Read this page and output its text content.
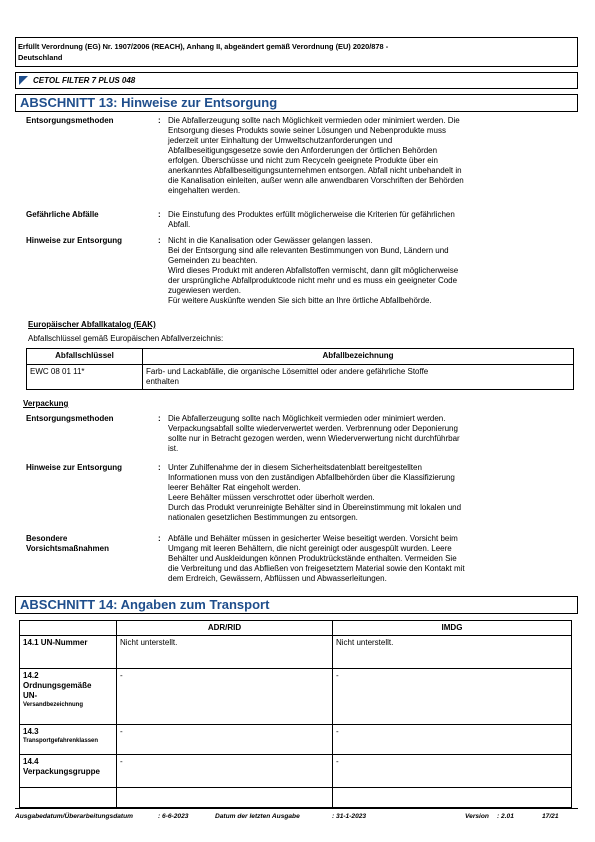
Erfüllt Verordnung (EG) Nr. 1907/2006 (REACH), Anhang II, abgeändert gemäß Verordnung (EU) 2020/878 -
Deutschland
CETOL FILTER 7 PLUS 048
ABSCHNITT 13: Hinweise zur Entsorgung
Entsorgungsmethoden	: Die Abfallerzeugung sollte nach Möglichkeit vermieden oder minimiert werden. Die
Entsorgung dieses Produkts sowie seiner Lösungen und Nebenprodukte muss
jederzeit unter Einhaltung der Umweltschutzanforderungen und
Abfallbeseitigungsgesetze sowie den Anforderungen der örtlichen Behörden
erfolgen. Überschüsse und nicht zum Recyceln geeignete Produkte über ein
anerkanntes Abfallbeseitigungsunternehmen entsorgen. Abfall nicht unbehandelt in
die Kanalisation einleiten, außer wenn alle anwendbaren Vorschriften der Behörden
eingehalten werden.
Gefährliche Abfälle	: Die Einstufung des Produktes erfüllt möglicherweise die Kriterien für gefährlichen
Abfall.
Hinweise zur Entsorgung	: Nicht in die Kanalisation oder Gewässer gelangen lassen.
Bei der Entsorgung sind alle relevanten Bestimmungen von Bund, Ländern und
Gemeinden zu beachten.
Wird dieses Produkt mit anderen Abfallstoffen vermischt, dann gilt möglicherweise
der ursprüngliche Abfallproduktcode nicht mehr und es muss ein geeigneter Code
zugewiesen werden.
Für weitere Auskünfte wenden Sie sich bitte an Ihre örtliche Abfallbehörde.
Europäischer Abfallkatalog (EAK)
Abfallschlüssel gemäß Europäischen Abfallverzeichnis:
Abfallschlüssel	Abfallbezeichnung
EWC 08 01 11*	Farb- und Lackabfälle, die organische Lösemittel oder andere gefährliche Stoffe
enthalten
Verpackung
Entsorgungsmethoden	: Die Abfallerzeugung sollte nach Möglichkeit vermieden oder minimiert werden.
Verpackungsabfall sollte wiederverwertet werden. Verbrennung oder Deponierung
sollte nur in Betracht gezogen werden, wenn Wiederverwertung nicht durchführbar
ist.
Hinweise zur Entsorgung	: Unter Zuhilfenahme der in diesem Sicherheitsdatenblatt bereitgestellten
Informationen muss von den zuständigen Abfallbehörden über die Klassifizierung
leerer Behälter Rat eingeholt werden.
Leere Behälter müssen verschrottet oder überholt werden.
Durch das Produkt verunreinigte Behälter sind in Übereinstimmung mit lokalen und
nationalen gesetzlichen Bestimmungen zu entsorgen.
Besondere
Vorsichtsmaßnahmen
: Abfälle und Behälter müssen in gesicherter Weise beseitigt werden. Vorsicht beim
Umgang mit leeren Behältern, die nicht gereinigt oder ausgespült wurden. Leere
Behälter und Auskleidungen können Produktrückstände enthalten. Vermeiden Sie
die Verbreitung und das Abfließen von freigesetztem Material sowie den Kontakt mit
dem Erdreich, Gewässern, Abflüssen und Abwasserleitungen.
ABSCHNITT 14: Angaben zum Transport
	ADR/RID	IMDG
14.1 UN-Nummer	Nicht unterstellt.	Nicht unterstellt.

14.2
Ordnungsgemäße
UN-
Versandbezeichnung	-	-

14.3
Transportgefahrenklassen	-	-

14.4
Verpackungsgruppe	-	-

Ausgabedatum/Überarbeitungsdatum	: 6-6-2023	Datum der letzten Ausgabe	: 31-1-2023	Version	: 2.01	17/21
